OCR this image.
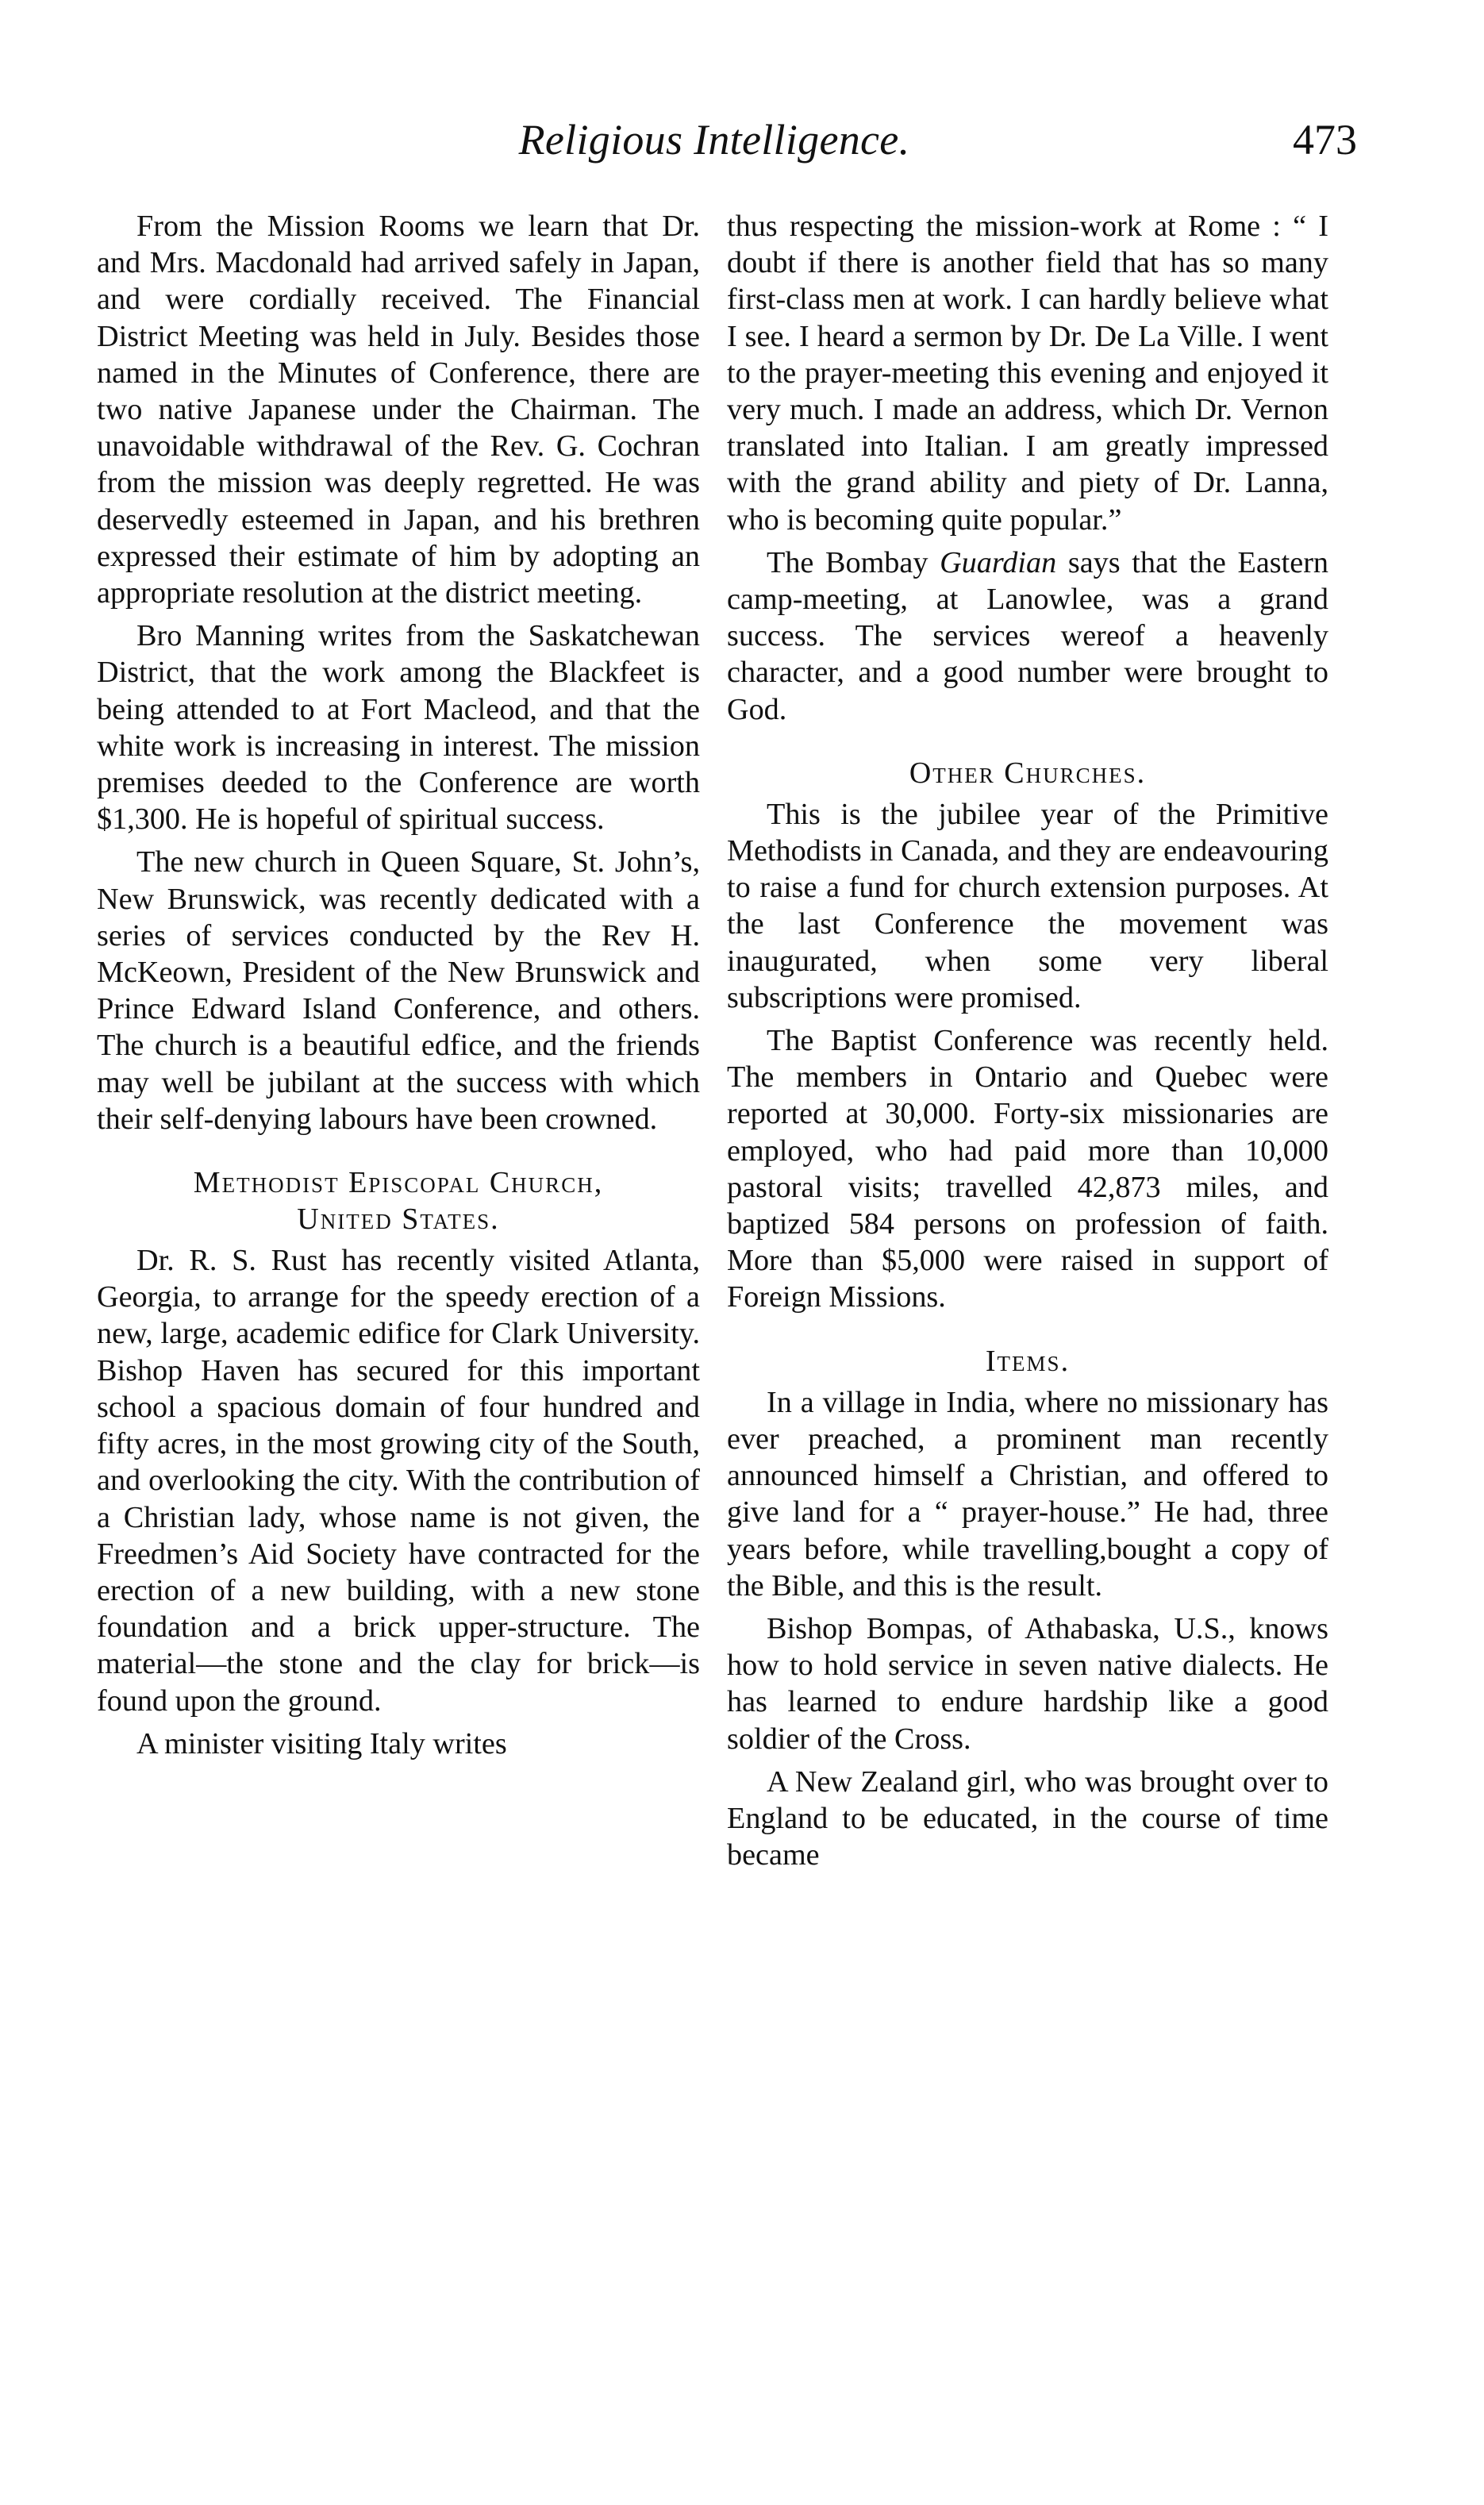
Religious Intelligence.	473

From the Mission Rooms we learn that Dr. and Mrs. Macdonald had arrived safely in Japan, and were cordially received. The Financial District Meeting was held in July. Besides those named in the Minutes of Conference, there are two native Japanese under the Chairman. The unavoidable withdrawal of the Rev. G. Cochran from the mission was deeply regretted. He was deservedly esteemed in Japan, and his brethren expressed their estimate of him by adopting an appropriate resolution at the district meeting.

Bro Manning writes from the Saskatchewan District, that the work among the Blackfeet is being attended to at Fort Macleod, and that the white work is increasing in interest. The mission premises deeded to the Conference are worth $1,300. He is hopeful of spiritual success.

The new church in Queen Square, St. John’s, New Brunswick, was recently dedicated with a series of services conducted by the Rev H. McKeown, President of the New Brunswick and Prince Edward Island Conference, and others. The church is a beautiful edfice, and the friends may well be jubilant at the success with which their self-denying labours have been crowned.

Methodist Episcopal Church,
United States.

Dr. R. S. Rust has recently visited Atlanta, Georgia, to arrange for the speedy erection of a new, large, academic edifice for Clark University. Bishop Haven has secured for this important school a spacious domain of four hundred and fifty acres, in the most growing city of the South, and overlooking the city. With the contribution of a Christian lady, whose name is not given, the Freedmen’s Aid Society have contracted for the erection of a new building, with a new stone foundation and a brick upper-structure. The material—the stone and the clay for brick—is found upon the ground.

A minister visiting Italy writes

thus respecting the mission-work at Rome : “ I doubt if there is another field that has so many first-class men at work. I can hardly believe what I see. I heard a sermon by Dr. De La Ville. I went to the prayer-meeting this evening and enjoyed it very much. I made an address, which Dr. Vernon translated into Italian. I am greatly impressed with the grand ability and piety of Dr. Lanna, who is becoming quite popular.”

The Bombay Guardian says that the Eastern camp-meeting, at Lanowlee, was a grand success. The services wereof a heavenly character, and a good number were brought to God.

Other Churches.

This is the jubilee year of the Primitive Methodists in Canada, and they are endeavouring to raise a fund for church extension purposes. At the last Conference the movement was inaugurated, when some very liberal subscriptions were promised.

The Baptist Conference was recently held. The members in Ontario and Quebec were reported at 30,000. Forty-six missionaries are employed, who had paid more than 10,000 pastoral visits; travelled 42,873 miles, and baptized 584 persons on profession of faith. More than $5,000 were raised in support of Foreign Missions.

Items.

In a village in India, where no missionary has ever preached, a prominent man recently announced himself a Christian, and offered to give land for a “ prayer-house.” He had, three years before, while travelling,bought a copy of the Bible, and this is the result.

Bishop Bompas, of Athabaska, U.S., knows how to hold service in seven native dialects. He has learned to endure hardship like a good soldier of the Cross.

A New Zealand girl, who was brought over to England to be educated, in the course of time became
